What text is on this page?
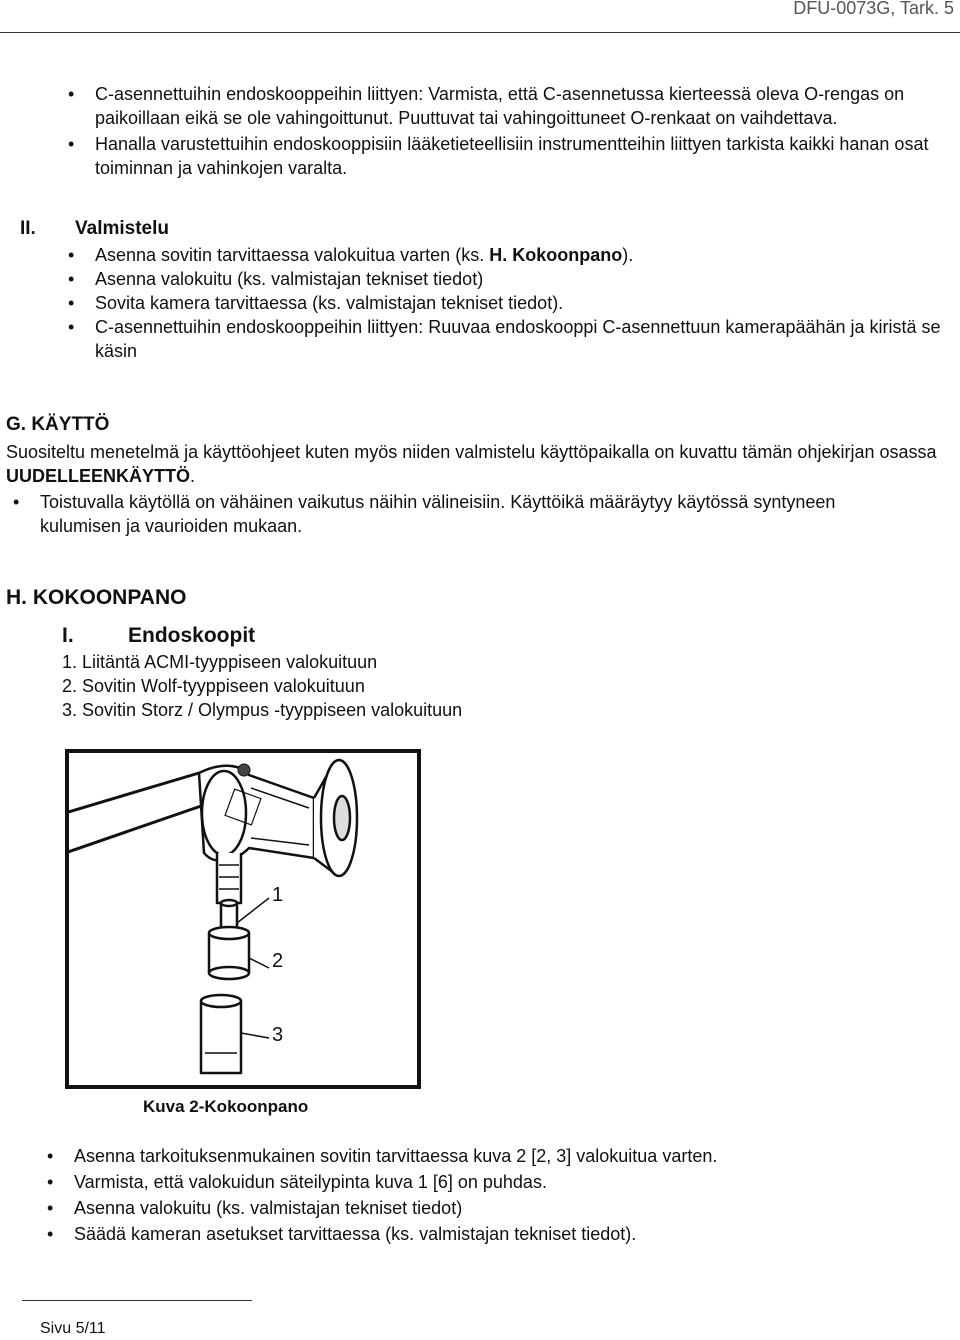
DFU-0073G, Tark. 5
• C-asennettuihin endoskooppeihin liittyen: Varmista, että C-asennetussa kierteessä oleva O-rengas on paikoillaan eikä se ole vahingoittunut. Puuttuvat tai vahingoittuneet O-renkaat on vaihdettava.
• Hanalla varustettuihin endoskooppisiin lääketieteellisiin instrumentteihin liittyen tarkista kaikki hanan osat toiminnan ja vahinkojen varalta.
II. Valmistelu
• Asenna sovitin tarvittaessa valokuitua varten (ks. H. Kokoonpano).
• Asenna valokuitu (ks. valmistajan tekniset tiedot)
• Sovita kamera tarvittaessa (ks. valmistajan tekniset tiedot).
• C-asennettuihin endoskooppeihin liittyen: Ruuvaa endoskooppi C-asennettuun kamerapäähän ja kiristä se käsin
G. KÄYTTÖ
Suositeltu menetelmä ja käyttöohjeet kuten myös niiden valmistelu käyttöpaikalla on kuvattu tämän ohjekirjan osassa UUDELLEENKÄYTTÖ.
• Toistuvalla käytöllä on vähäinen vaikutus näihin välineisiin. Käyttöikä määräytyy käytössä syntyneen kulumisen ja vaurioiden mukaan.
H. KOKOONPANO
I.	Endoskoopit
1. Liitäntä ACMI-tyyppiseen valokuituun
2. Sovitin Wolf-tyyppiseen valokuituun
3. Sovitin Storz / Olympus -tyyppiseen valokuituun
1
2
3
Kuva 2-Kokoonpano
• Asenna tarkoituksenmukainen sovitin tarvittaessa kuva 2 [2, 3] valokuitua varten.
• Varmista, että valokuidun säteilypinta kuva 1 [6] on puhdas.
• Asenna valokuitu (ks. valmistajan tekniset tiedot)
• Säädä kameran asetukset tarvittaessa (ks. valmistajan tekniset tiedot).
Sivu 5/11
